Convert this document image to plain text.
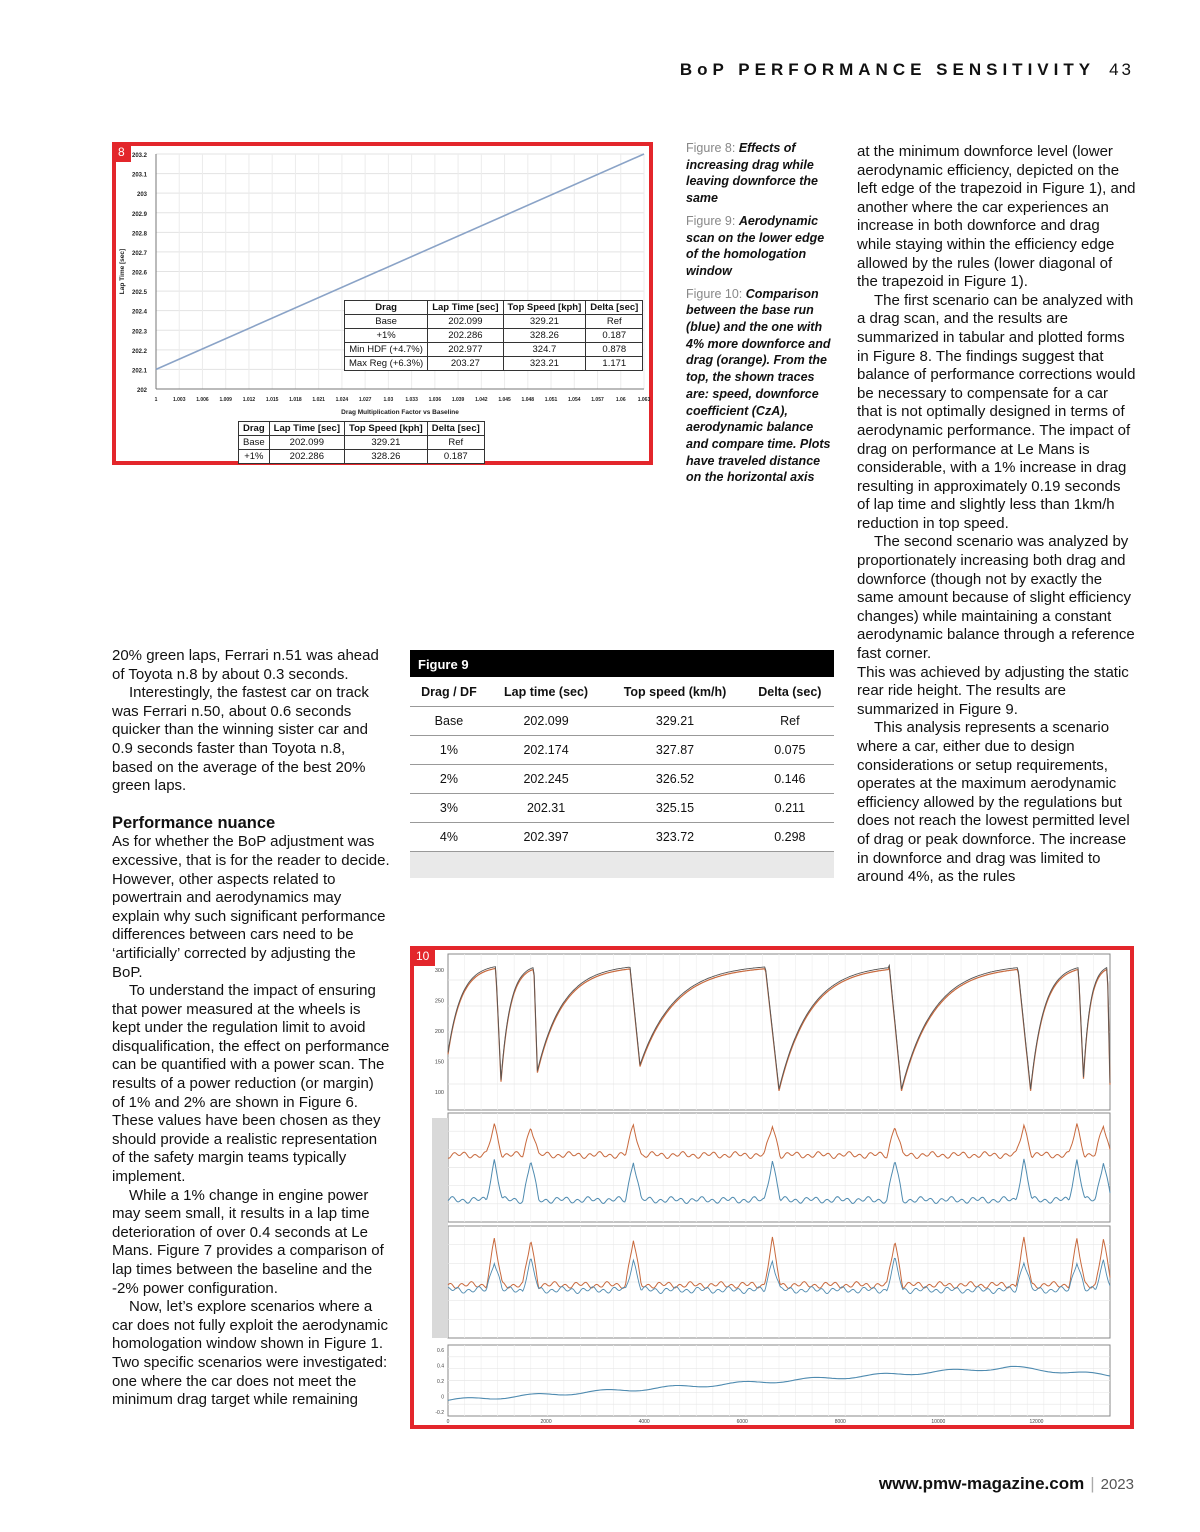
BoP PERFORMANCE SENSITIVITY 43
202
202.1
202.2
202.3
202.4
202.5
202.6
202.7
202.8
202.9
203
203.1
203.2
1	1.003 1.006 1.009 1.012 1.015 1.018 1.021 1.024 1.027 1.03 1.033 1.036 1.039 1.042 1.045 1.048 1.051 1.054 1.057 1.06 1.063
Drag Multiplication Factor vs Baseline
Lap Time [sec]
8
Drag	Lap Time [sec]	Top Speed [kph]	Delta [sec]
Base	202.099	329.21	Ref
+1%	202.286	328.26	0.187
Min HDF (+4.7%)	202.977	324.7	0.878
Max Reg (+6.3%)	203.27	323.21	1.171
Drag	Lap Time [sec]	Top Speed [kph]	Delta [sec]
Base	202.099	329.21	Ref
+1%	202.286	328.26	0.187

Figure 8: Effects of increasing drag while leaving downforce the same

Figure 9: Aerodynamic scan on the lower edge of the homologation window

Figure 10: Comparison between the base run (blue) and the one with 4% more downforce and drag (orange). From the top, the shown traces are: speed, downforce coefficient (CzA), aerodynamic balance and compare time. Plots have traveled distance on the horizontal axis

at the minimum downforce level (lower aerodynamic efficiency, depicted on the left edge of the trapezoid in Figure 1), and another where the car experiences an increase in both downforce and drag while staying within the efficiency edge allowed by the rules (lower diagonal of the trapezoid in Figure 1).

The first scenario can be analyzed with a drag scan, and the results are summarized in tabular and plotted forms in Figure 8. The findings suggest that balance of performance corrections would be necessary to compensate for a car that is not optimally designed in terms of aerodynamic performance. The impact of drag on performance at Le Mans is considerable, with a 1% increase in drag resulting in approximately 0.19 seconds of lap time and slightly less than 1km/h reduction in top speed.

The second scenario was analyzed by proportionately increasing both drag and downforce (though not by exactly the same amount because of slight efficiency changes) while maintaining a constant aerodynamic balance through a reference fast corner.

This was achieved by adjusting the static rear ride height. The results are summarized in Figure 9.

This analysis represents a scenario where a car, either due to design considerations or setup requirements, operates at the maximum aerodynamic efficiency allowed by the regulations but does not reach the lowest permitted level of drag or peak downforce. The increase in downforce and drag was limited to around 4%, as the rules

20% green laps, Ferrari n.51 was ahead of Toyota n.8 by about 0.3 seconds.

Interestingly, the fastest car on track was Ferrari n.50, about 0.6 seconds quicker than the winning sister car and 0.9 seconds faster than Toyota n.8, based on the average of the best 20% green laps.

Performance nuance

As for whether the BoP adjustment was excessive, that is for the reader to decide. However, other aspects related to powertrain and aerodynamics may explain why such significant performance differences between cars need to be ‘artificially’ corrected by adjusting the BoP.

To understand the impact of ensuring that power measured at the wheels is kept under the regulation limit to avoid disqualification, the effect on performance can be quantified with a power scan. The results of a power reduction (or margin) of 1% and 2% are shown in Figure 6. These values have been chosen as they should provide a realistic representation of the safety margin teams typically implement.

While a 1% change in engine power may seem small, it results in a lap time deterioration of over 0.4 seconds at Le Mans. Figure 7 provides a comparison of lap times between the baseline and the -2% power configuration.

Now, let’s explore scenarios where a car does not fully exploit the aerodynamic homologation window shown in Figure 1. Two specific scenarios were investigated: one where the car does not meet the minimum drag target while remaining

Figure 9
Drag / DF	Lap time (sec)	Top speed (km/h)	Delta (sec)
Base	202.099	329.21	Ref
1%	202.174	327.87	0.075
2%	202.245	326.52	0.146
3%	202.31	325.15	0.211
4%	202.397	323.72	0.298
300
250
200
150
100
0.6
0.4
0.2
0
-0.2
0	2000	4000	6000	8000	10000	12000
10
www.pmw-magazine.com | 2023
